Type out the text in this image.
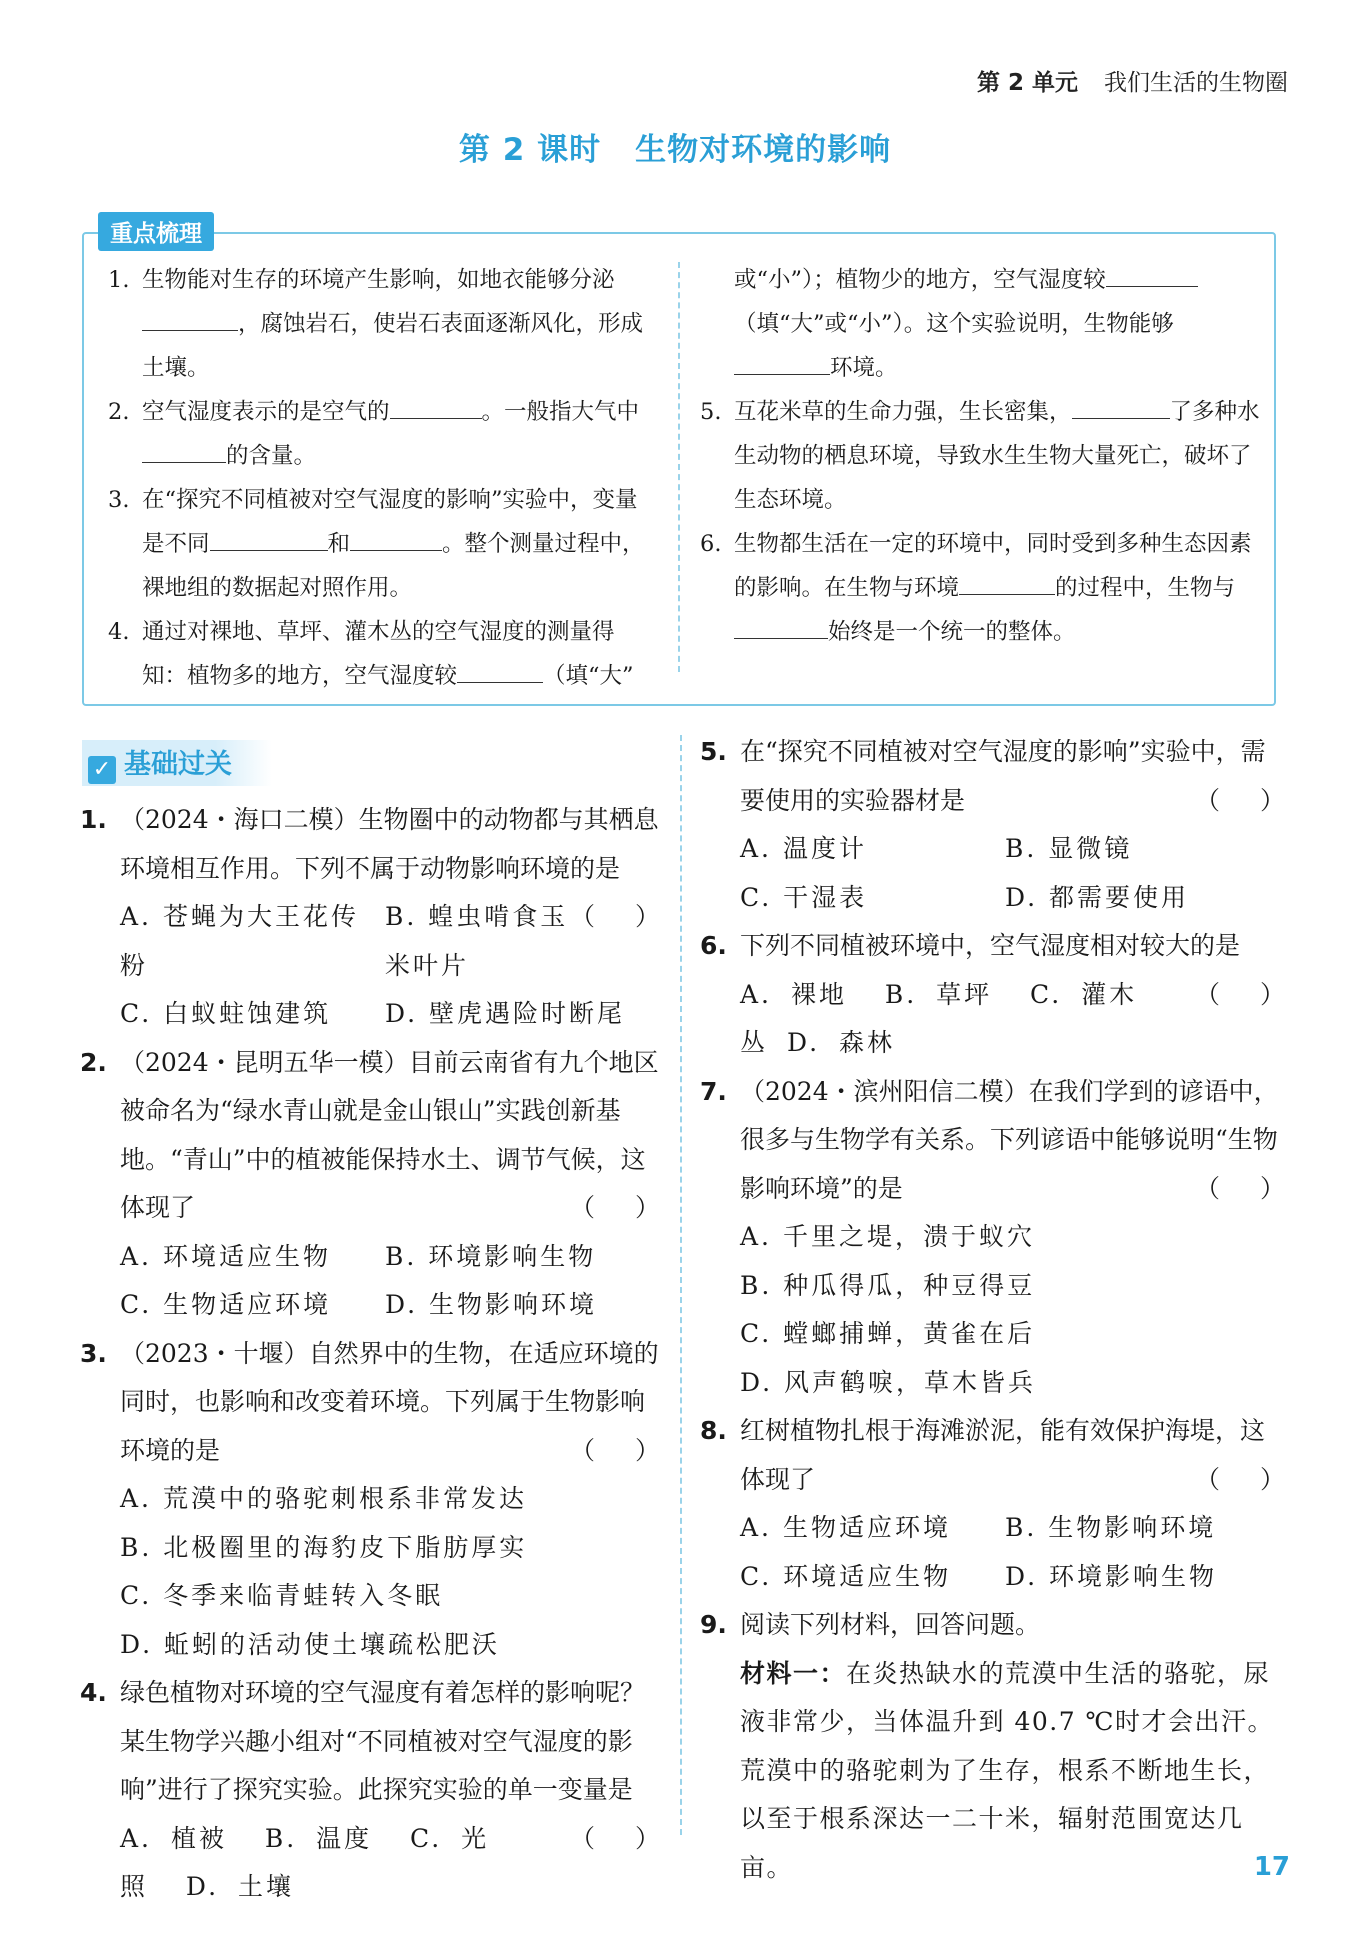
第 2 单元 我们生活的生物圈
第 2 课时 生物对环境的影响
重点梳理
1. 生物能对生存的环境产生影响，如地衣能够分泌，腐蚀岩石，使岩石表面逐渐风化，形成土壤。
2. 空气湿度表示的是空气的	。一般指大气中的含量。
3. 在“探究不同植被对空气湿度的影响”实验中，变量是不同	和	。整个测量过程中，裸地组的数据起对照作用。
4. 通过对裸地、草坪、灌木丛的空气湿度的测量得知：植物多的地方，空气湿度较	（填“大”
或“小”）；植物少的地方，空气湿度较（填“大”或“小”）。这个实验说明，生物能够环境。
5. 互花米草的生命力强，生长密集，	了多种水生动物的栖息环境，导致水生生物大量死亡，破坏了生态环境。
6. 生物都生活在一定的环境中，同时受到多种生态因素的影响。在生物与环境	的过程中，生物与始终是一个统一的整体。
✓ 基础过关
1. （2024・海口二模）生物圈中的动物都与其栖息环境相互作用。下列不属于动物影响环境的是
（  ）
A. 苍蝇为大王花传粉
B. 蝗虫啃食玉米叶片
C. 白蚁蛀蚀建筑	D. 壁虎遇险时断尾
2. （2024・昆明五华一模）目前云南省有九个地区被命名为“绿水青山就是金山银山”实践创新基地。“青山”中的植被能保持水土、调节气候，这体现了
（  ）
A. 环境适应生物	B. 环境影响生物
C. 生物适应环境	D. 生物影响环境
3. （2023・十堰）自然界中的生物，在适应环境的同时，也影响和改变着环境。下列属于生物影响环境的是
（  ）
A. 荒漠中的骆驼刺根系非常发达
B. 北极圈里的海豹皮下脂肪厚实
C. 冬季来临青蛙转入冬眠
D. 蚯蚓的活动使土壤疏松肥沃
4. 绿色植物对环境的空气湿度有着怎样的影响呢？某生物学兴趣小组对“不同植被对空气湿度的影响”进行了探究实验。此探究实验的单一变量是
（  ）
A. 植被 B. 温度 C. 光照 D. 土壤
5. 在“探究不同植被对空气湿度的影响”实验中，需要使用的实验器材是
（  ）
A. 温度计	B. 显微镜
C. 干湿表	D. 都需要使用
6. 下列不同植被环境中，空气湿度相对较大的是
（  ）
A. 裸地 B. 草坪 C. 灌木丛 D. 森林
7. （2024・滨州阳信二模）在我们学到的谚语中，很多与生物学有关系。下列谚语中能够说明“生物影响环境”的是
（  ）
A. 千里之堤，溃于蚁穴
B. 种瓜得瓜，种豆得豆
C. 螳螂捕蝉，黄雀在后
D. 风声鹤唳，草木皆兵
8. 红树植物扎根于海滩淤泥，能有效保护海堤，这体现了
（  ）
A. 生物适应环境	B. 生物影响环境
C. 环境适应生物	D. 环境影响生物
9. 阅读下列材料，回答问题。
材料一：在炎热缺水的荒漠中生活的骆驼，尿液非常少，当体温升到 40.7 ℃时才会出汗。荒漠中的骆驼刺为了生存，根系不断地生长，以至于根系深达一二十米，辐射范围宽达几亩。	17
